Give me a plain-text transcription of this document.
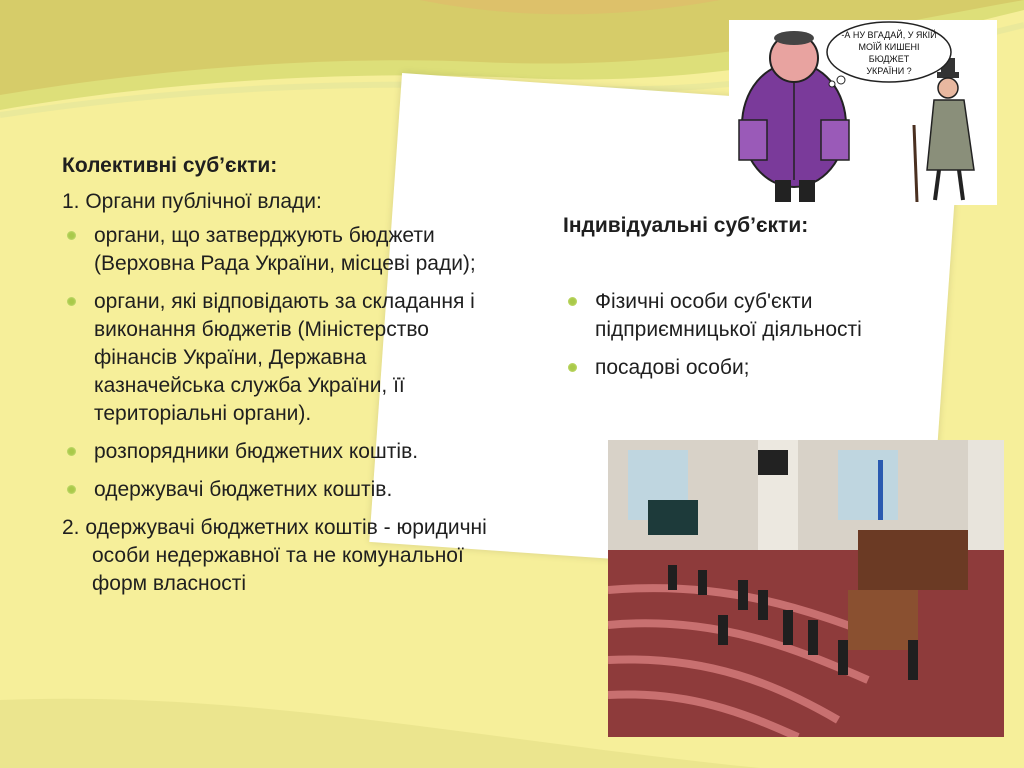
Колективні суб’єкти:
1. Органи публічної влади:
органи, що затверджують бюджети (Верховна Рада України, місцеві ради);
органи, які відповідають за складання і виконання бюджетів (Міністерство фінансів України, Державна казначейська служба України, її територіальні органи).
розпорядники бюджетних коштів.
одержувачі бюджетних коштів.
2. одержувачі бюджетних коштів - юридичні особи недержавної та не комунальної форм власності
Індивідуальні суб’єкти:
Фізичні особи суб'єкти підприємницької діяльності
посадові особи;
-А НУ ВГАДАЙ, У ЯКІЙ
МОЇЙ КИШЕНІ
БЮДЖЕТ
УКРАЇНИ ?
